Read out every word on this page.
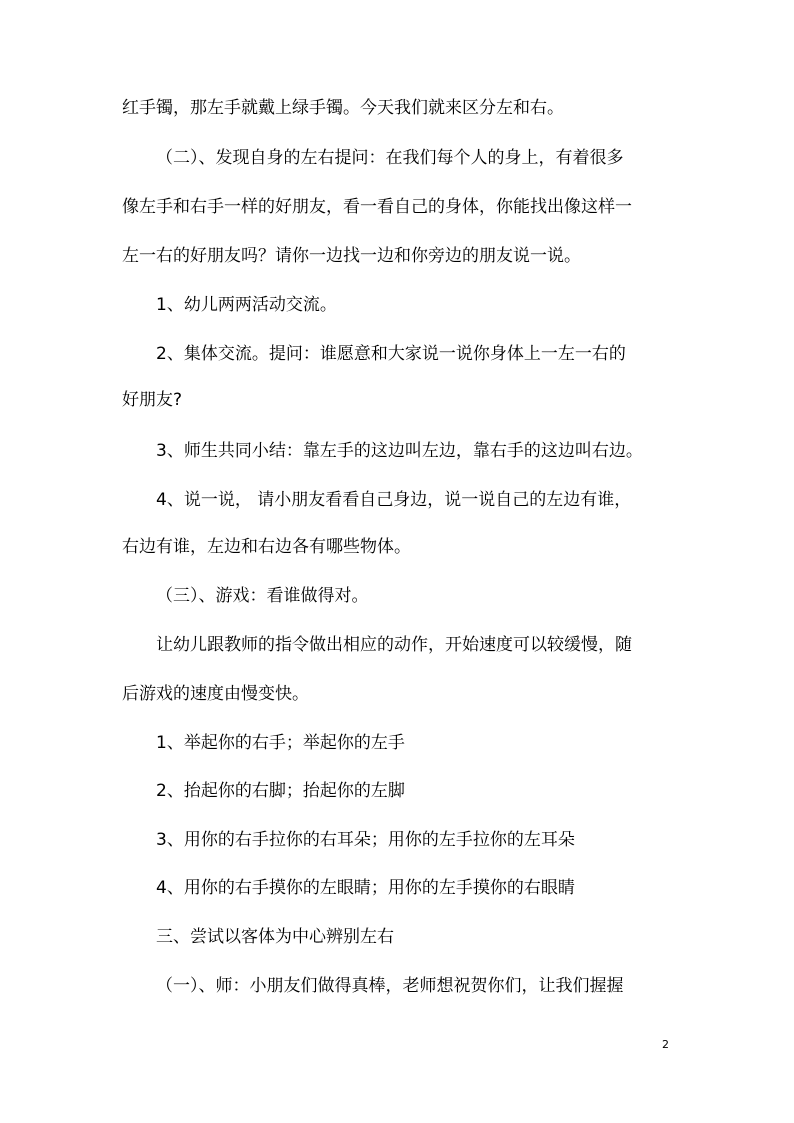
红手镯，那左手就戴上绿手镯。今天我们就来区分左和右。
（二）、发现自身的左右提问：在我们每个人的身上，有着很多
像左手和右手一样的好朋友，看一看自己的身体，你能找出像这样一
左一右的好朋友吗？请你一边找一边和你旁边的朋友说一说。
1、幼儿两两活动交流。
2、集体交流。提问：谁愿意和大家说一说你身体上一左一右的
好朋友?
3、师生共同小结：靠左手的这边叫左边，靠右手的这边叫右边。
4、说一说， 请小朋友看看自己身边，说一说自己的左边有谁，
右边有谁，左边和右边各有哪些物体。
（三）、游戏：看谁做得对。
让幼儿跟教师的指令做出相应的动作，开始速度可以较缓慢，随
后游戏的速度由慢变快。
1、举起你的右手；举起你的左手
2、抬起你的右脚；抬起你的左脚
3、用你的右手拉你的右耳朵；用你的左手拉你的左耳朵
4、用你的右手摸你的左眼睛；用你的左手摸你的右眼睛
三、尝试以客体为中心辨别左右
（一）、师：小朋友们做得真棒，老师想祝贺你们，让我们握握
2
